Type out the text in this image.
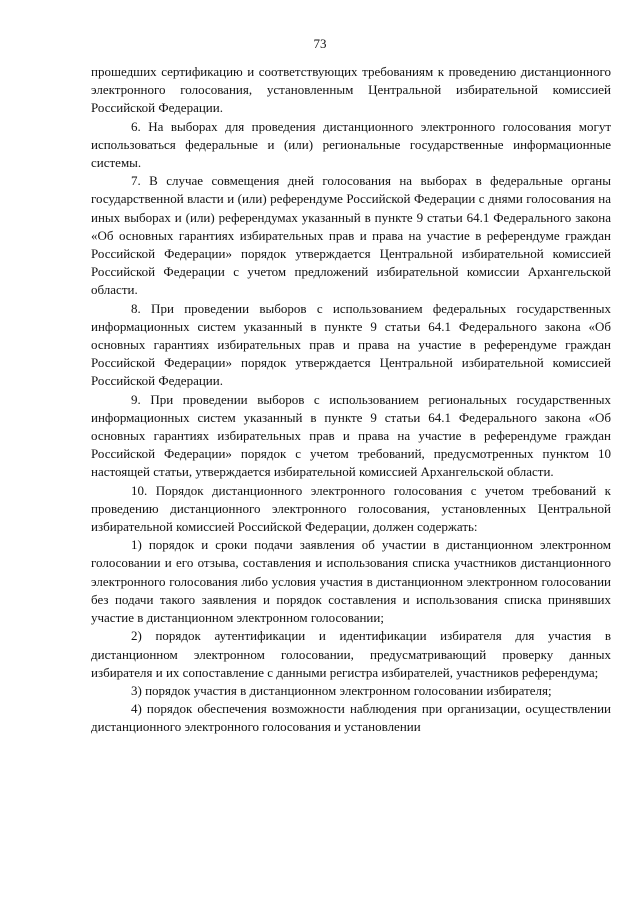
73

прошедших сертификацию и соответствующих требованиям к проведению дистанционного электронного голосования, установленным Центральной избирательной комиссией Российской Федерации.

6. На выборах для проведения дистанционного электронного голосования могут использоваться федеральные и (или) региональные государственные информационные системы.

7. В случае совмещения дней голосования на выборах в федеральные органы государственной власти и (или) референдуме Российской Федерации с днями голосования на иных выборах и (или) референдумах указанный в пункте 9 статьи 64.1 Федерального закона «Об основных гарантиях избирательных прав и права на участие в референдуме граждан Российской Федерации» порядок утверждается Центральной избирательной комиссией Российской Федерации с учетом предложений избирательной комиссии Архангельской области.

8. При проведении выборов с использованием федеральных государственных информационных систем указанный в пункте 9 статьи 64.1 Федерального закона «Об основных гарантиях избирательных прав и права на участие в референдуме граждан Российской Федерации» порядок утверждается Центральной избирательной комиссией Российской Федерации.

9. При проведении выборов с использованием региональных государственных информационных систем указанный в пункте 9 статьи 64.1 Федерального закона «Об основных гарантиях избирательных прав и права на участие в референдуме граждан Российской Федерации» порядок с учетом требований, предусмотренных пунктом 10 настоящей статьи, утверждается избирательной комиссией Архангельской области.

10. Порядок дистанционного электронного голосования с учетом требований к проведению дистанционного электронного голосования, установленных Центральной избирательной комиссией Российской Федерации, должен содержать:

1) порядок и сроки подачи заявления об участии в дистанционном электронном голосовании и его отзыва, составления и использования списка участников дистанционного электронного голосования либо условия участия в дистанционном электронном голосовании без подачи такого заявления и порядок составления и использования списка принявших участие в дистанционном электронном голосовании;

2) порядок аутентификации и идентификации избирателя для участия в дистанционном электронном голосовании, предусматривающий проверку данных избирателя и их сопоставление с данными регистра избирателей, участников референдума;

3) порядок участия в дистанционном электронном голосовании избирателя;

4) порядок обеспечения возможности наблюдения при организации, осуществлении дистанционного электронного голосования и установлении
